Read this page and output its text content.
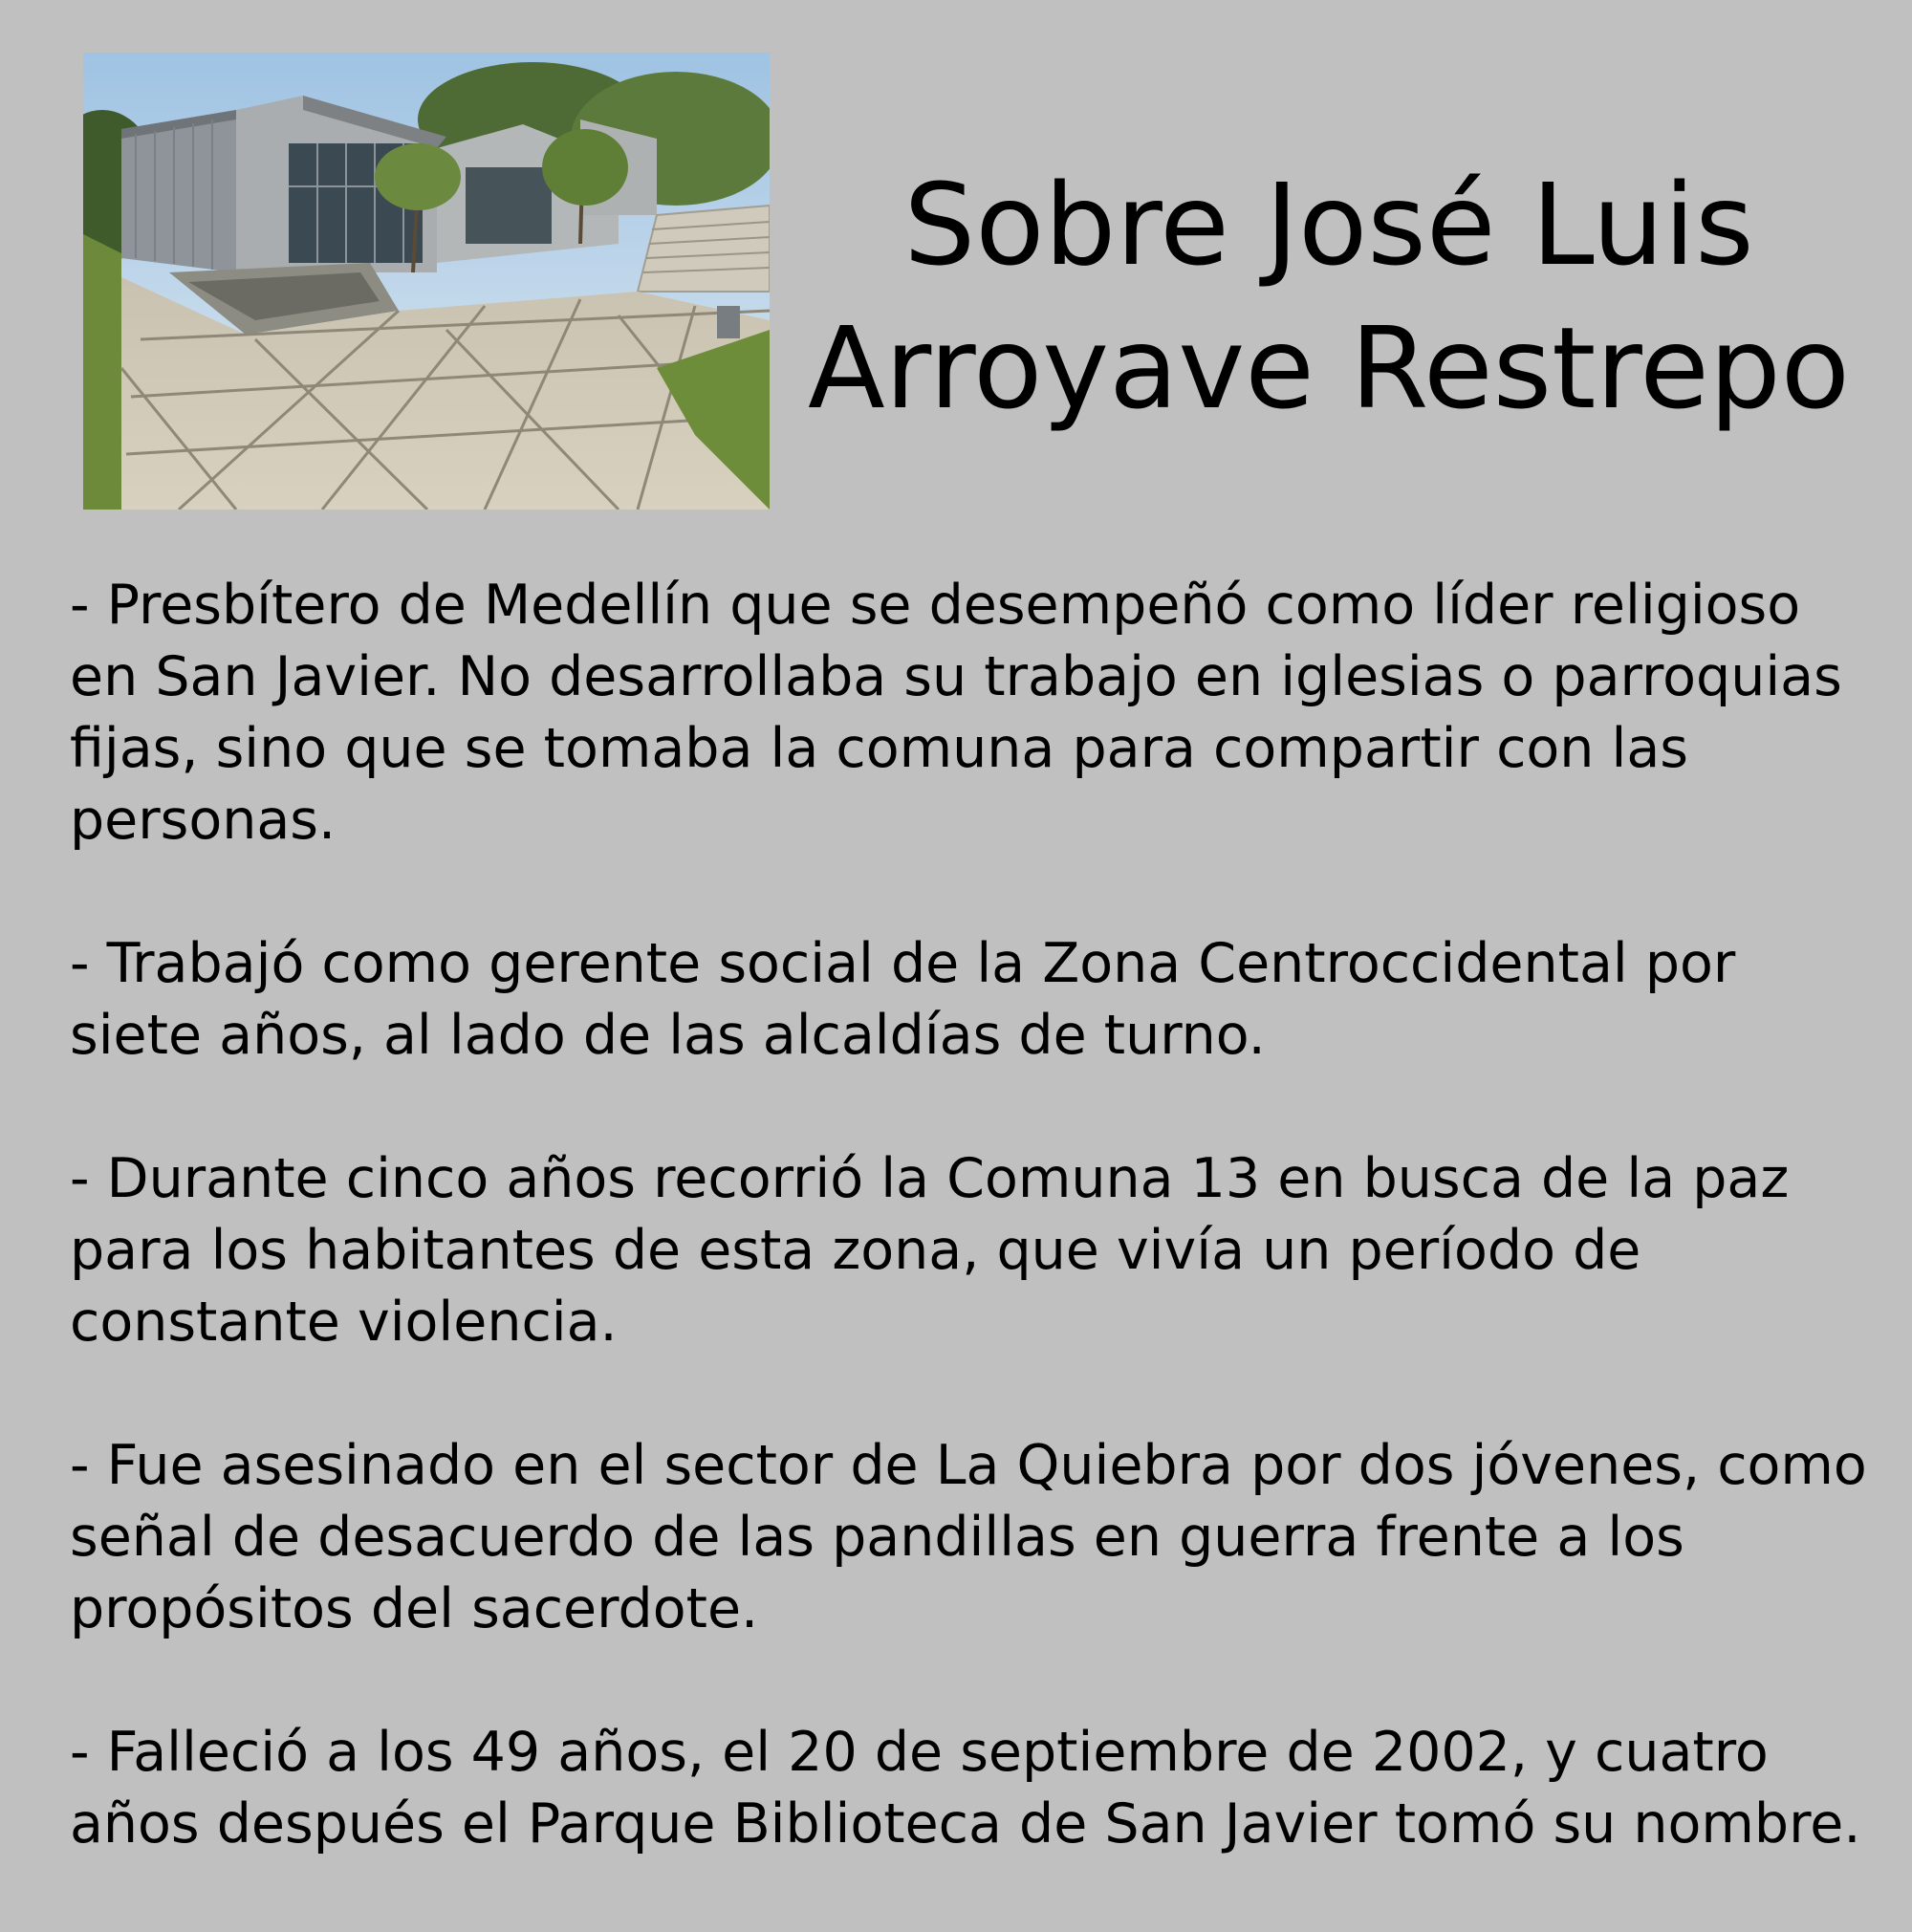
Sobre José Luis
Arroyave Restrepo

- Presbítero de Medellín que se desempeñó como líder religioso en San Javier. No desarrollaba su trabajo en iglesias o parroquias fijas, sino que se tomaba la comuna para compartir con las personas.

- Trabajó como gerente social de la Zona Centroccidental por siete años, al lado de las alcaldías de turno.

- Durante cinco años recorrió la Comuna 13 en busca de la paz para los habitantes de esta zona, que vivía un período de constante violencia.

- Fue asesinado en el sector de La Quiebra por dos jóvenes, como señal de desacuerdo de las pandillas en guerra frente a los propósitos del sacerdote.

- Falleció a los 49 años, el 20 de septiembre de 2002, y cuatro años después el Parque Biblioteca de San Javier tomó su nombre.
